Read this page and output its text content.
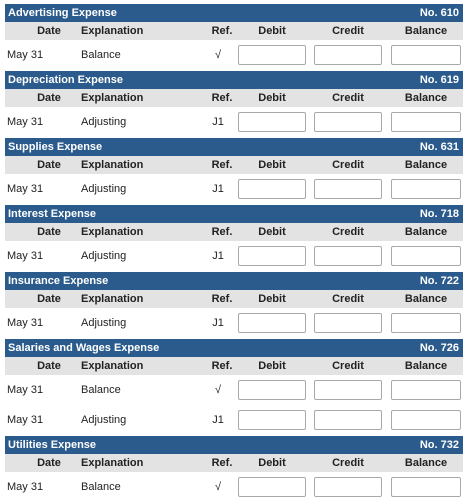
Advertising Expense	No. 610
Date	Explanation	Ref.	Debit	Credit	Balance
May 31	Balance	√
Depreciation Expense	No. 619
Date	Explanation	Ref.	Debit	Credit	Balance
May 31	Adjusting	J1
Supplies Expense	No. 631
Date	Explanation	Ref.	Debit	Credit	Balance
May 31	Adjusting	J1
Interest Expense	No. 718
Date	Explanation	Ref.	Debit	Credit	Balance
May 31	Adjusting	J1
Insurance Expense	No. 722
Date	Explanation	Ref.	Debit	Credit	Balance
May 31	Adjusting	J1
Salaries and Wages Expense	No. 726
Date	Explanation	Ref.	Debit	Credit	Balance
May 31	Balance	√
May 31	Adjusting	J1
Utilities Expense	No. 732
Date	Explanation	Ref.	Debit	Credit	Balance
May 31	Balance	√
